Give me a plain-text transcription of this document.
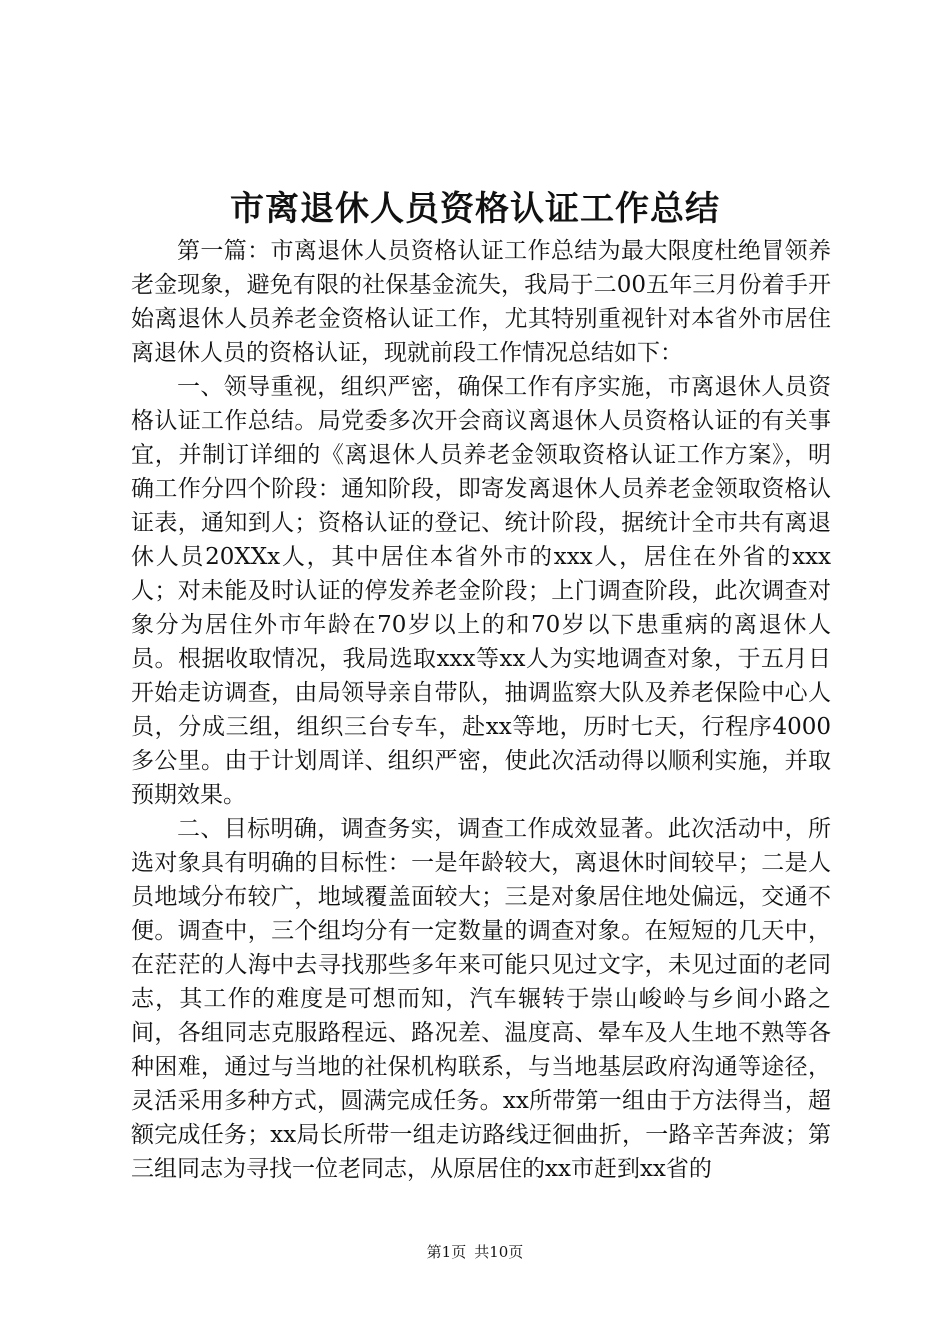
市离退休人员资格认证工作总结

第一篇：市离退休人员资格认证工作总结为最大限度杜绝冒领养老金现象，避免有限的社保基金流失，我局于二00五年三月份着手开始离退休人员养老金资格认证工作，尤其特别重视针对本省外市居住离退休人员的资格认证，现就前段工作情况总结如下：

一、领导重视，组织严密，确保工作有序实施，市离退休人员资格认证工作总结。局党委多次开会商议离退休人员资格认证的有关事宜，并制订详细的《离退休人员养老金领取资格认证工作方案》，明确工作分四个阶段：通知阶段，即寄发离退休人员养老金领取资格认证表，通知到人；资格认证的登记、统计阶段，据统计全市共有离退休人员20XXx人，其中居住本省外市的xxx人，居住在外省的xxx人；对未能及时认证的停发养老金阶段；上门调查阶段，此次调查对象分为居住外市年龄在70岁以上的和70岁以下患重病的离退休人员。根据收取情况，我局选取xxx等xx人为实地调查对象，于五月日开始走访调查，由局领导亲自带队，抽调监察大队及养老保险中心人员，分成三组，组织三台专车，赴xx等地，历时七天，行程序4000多公里。由于计划周详、组织严密，使此次活动得以顺利实施，并取预期效果。

二、目标明确，调查务实，调查工作成效显著。此次活动中，所选对象具有明确的目标性：一是年龄较大，离退休时间较早；二是人员地域分布较广，地域覆盖面较大；三是对象居住地处偏远，交通不便。调查中，三个组均分有一定数量的调查对象。在短短的几天中，在茫茫的人海中去寻找那些多年来可能只见过文字，未见过面的老同志，其工作的难度是可想而知，汽车辗转于崇山峻岭与乡间小路之间，各组同志克服路程远、路况差、温度高、晕车及人生地不熟等各种困难，通过与当地的社保机构联系，与当地基层政府沟通等途径，灵活采用多种方式，圆满完成任务。xx所带第一组由于方法得当，超额完成任务；xx局长所带一组走访路线迂徊曲折，一路辛苦奔波；第三组同志为寻找一位老同志，从原居住的xx市赶到xx省的

第1页 共10页
